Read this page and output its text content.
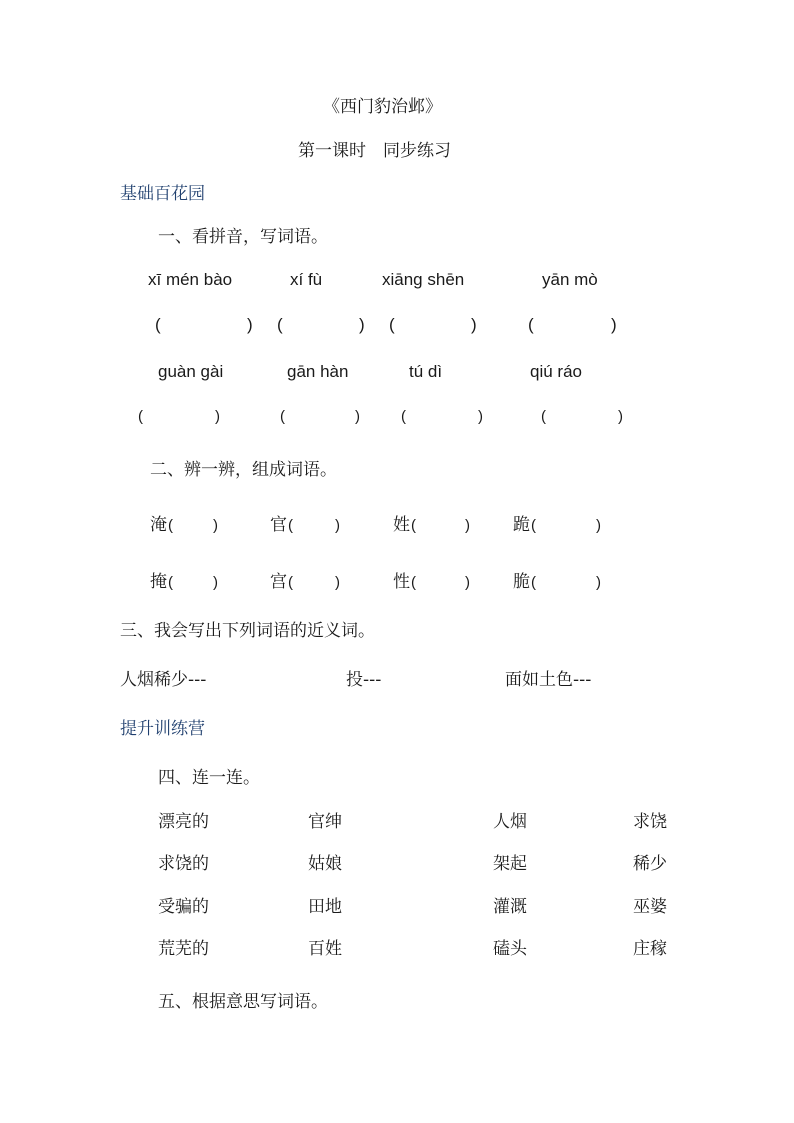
《西门豹治邺》
第一课时　同步练习
基础百花园
一、看拼音，写词语。
xī mén bào	xí fù	xiāng shēn	yān mò
(	) (	) (	)	(	)
guàn gài	gān hàn	tú dì	qiú ráo
(	)	(	)	(	)	(	)
二、辨一辨，组成词语。
淹 (	)	官 (	)	姓 (	)	跪 (	)
掩 (	)	宫 (	)	性 (	)	脆 (	)
三、我会写出下列词语的近义词。
人烟稀少---	投---	面如土色---
提升训练营
四、连一连。
漂亮的	官绅	人烟	求饶
求饶的	姑娘	架起	稀少
受骗的	田地	灌溉	巫婆
荒芜的	百姓	磕头	庄稼
五、根据意思写词语。
